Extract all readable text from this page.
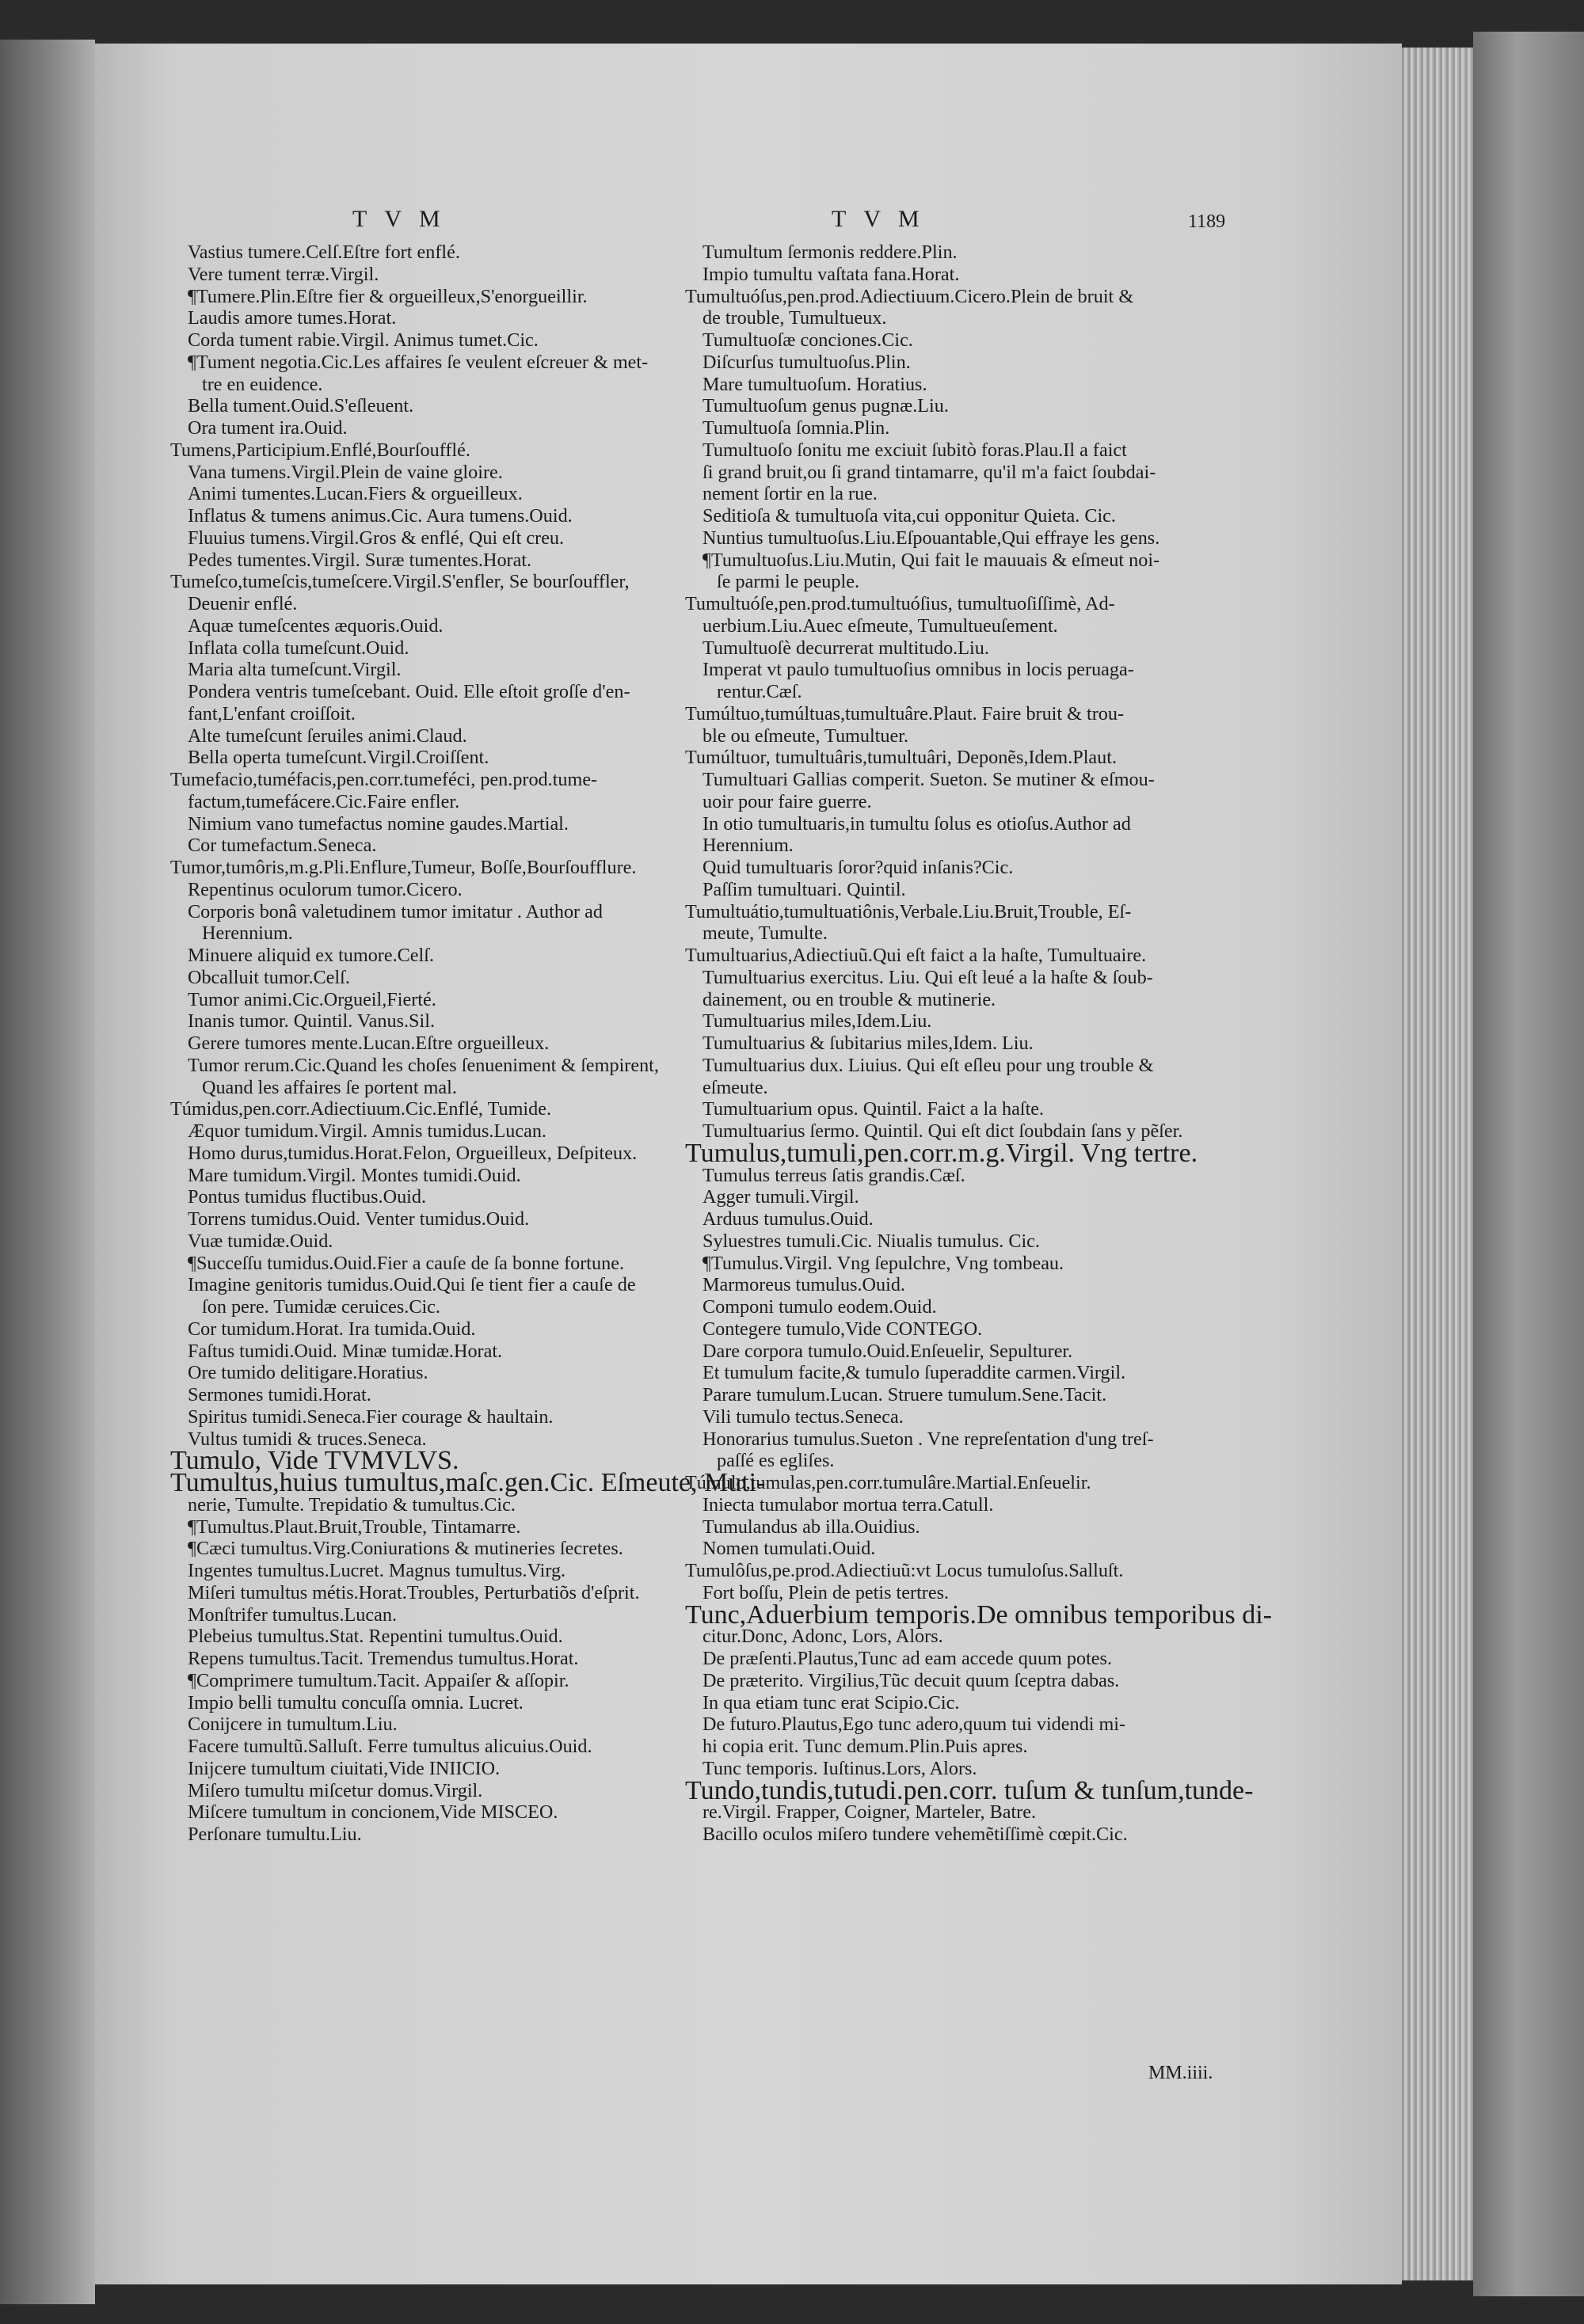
TVM	TVM	1189
Vastius tumere.Celſ.Eſtre fort enflé.
Vere tument terræ.Virgil.
¶Tumere.Plin.Eſtre fier & orgueilleux,S'enorgueillir.
Laudis amore tumes.Horat.
Corda tument rabie.Virgil. Animus tumet.Cic.
¶Tument negotia.Cic.Les affaires ſe veulent eſcreuer & met-
tre en euidence.
Bella tument.Ouid.S'eſleuent.
Ora tument ira.Ouid.
Tumens,Participium.Enflé,Bourſoufflé.
Vana tumens.Virgil.Plein de vaine gloire.
Animi tumentes.Lucan.Fiers & orgueilleux.
Inflatus & tumens animus.Cic. Aura tumens.Ouid.
Fluuius tumens.Virgil.Gros & enflé, Qui eſt creu.
Pedes tumentes.Virgil. Suræ tumentes.Horat.
Tumeſco,tumeſcis,tumeſcere.Virgil.S'enfler, Se bourſouffler,
Deuenir enflé.
Aquæ tumeſcentes æquoris.Ouid.
Inflata colla tumeſcunt.Ouid.
Maria alta tumeſcunt.Virgil.
Pondera ventris tumeſcebant. Ouid. Elle eſtoit groſſe d'en-
fant,L'enfant croiſſoit.
Alte tumeſcunt ſeruiles animi.Claud.
Bella operta tumeſcunt.Virgil.Croiſſent.
Tumefacio,tuméfacis,pen.corr.tumeféci, pen.prod.tume-
factum,tumefácere.Cic.Faire enfler.
Nimium vano tumefactus nomine gaudes.Martial.
Cor tumefactum.Seneca.
Tumor,tumôris,m.g.Pli.Enflure,Tumeur, Boſſe,Bourſoufflure.
Repentinus oculorum tumor.Cicero.
Corporis bonâ valetudinem tumor imitatur . Author ad
Herennium.
Minuere aliquid ex tumore.Celſ.
Obcalluit tumor.Celſ.
Tumor animi.Cic.Orgueil,Fierté.
Inanis tumor. Quintil. Vanus.Sil.
Gerere tumores mente.Lucan.Eſtre orgueilleux.
Tumor rerum.Cic.Quand les choſes ſenueniment & ſempirent,
Quand les affaires ſe portent mal.
Túmidus,pen.corr.Adiectiuum.Cic.Enflé, Tumide.
Æquor tumidum.Virgil. Amnis tumidus.Lucan.
Homo durus,tumidus.Horat.Felon, Orgueilleux, Deſpiteux.
Mare tumidum.Virgil. Montes tumidi.Ouid.
Pontus tumidus fluctibus.Ouid.
Torrens tumidus.Ouid. Venter tumidus.Ouid.
Vuæ tumidæ.Ouid.
¶Succeſſu tumidus.Ouid.Fier a cauſe de ſa bonne fortune.
Imagine genitoris tumidus.Ouid.Qui ſe tient fier a cauſe de
ſon pere. Tumidæ ceruices.Cic.
Cor tumidum.Horat. Ira tumida.Ouid.
Faſtus tumidi.Ouid. Minæ tumidæ.Horat.
Ore tumido delitigare.Horatius.
Sermones tumidi.Horat.
Spiritus tumidi.Seneca.Fier courage & haultain.
Vultus tumidi & truces.Seneca.
Tumulo, Vide TVMVLVS.
Tumultus,huius tumultus,maſc.gen.Cic. Eſmeute, Muti-
nerie, Tumulte. Trepidatio & tumultus.Cic.
¶Tumultus.Plaut.Bruit,Trouble, Tintamarre.
¶Cæci tumultus.Virg.Coniurations & mutineries ſecretes.
Ingentes tumultus.Lucret. Magnus tumultus.Virg.
Miſeri tumultus métis.Horat.Troubles, Perturbatiõs d'eſprit.
Monſtrifer tumultus.Lucan.
Plebeius tumultus.Stat. Repentini tumultus.Ouid.
Repens tumultus.Tacit. Tremendus tumultus.Horat.
¶Comprimere tumultum.Tacit. Appaiſer & aſſopir.
Impio belli tumultu concuſſa omnia. Lucret.
Conijcere in tumultum.Liu.
Facere tumultũ.Salluſt. Ferre tumultus alicuius.Ouid.
Inijcere tumultum ciuitati,Vide INIICIO.
Miſero tumultu miſcetur domus.Virgil.
Miſcere tumultum in concionem,Vide MISCEO.
Perſonare tumultu.Liu.
Tumultum ſermonis reddere.Plin.
Impio tumultu vaſtata fana.Horat.
Tumultuóſus,pen.prod.Adiectiuum.Cicero.Plein de bruit &
de trouble, Tumultueux.
Tumultuoſæ conciones.Cic.
Diſcurſus tumultuoſus.Plin.
Mare tumultuoſum. Horatius.
Tumultuoſum genus pugnæ.Liu.
Tumultuoſa ſomnia.Plin.
Tumultuoſo ſonitu me exciuit ſubitò foras.Plau.Il a faict
ſi grand bruit,ou ſi grand tintamarre, qu'il m'a faict ſoubdai-
nement ſortir en la rue.
Seditioſa & tumultuoſa vita,cui opponitur Quieta. Cic.
Nuntius tumultuoſus.Liu.Eſpouantable,Qui effraye les gens.
¶Tumultuoſus.Liu.Mutin, Qui fait le mauuais & eſmeut noi-
ſe parmi le peuple.
Tumultuóſe,pen.prod.tumultuóſius, tumultuoſiſſimè, Ad-
uerbium.Liu.Auec eſmeute, Tumultueuſement.
Tumultuoſè decurrerat multitudo.Liu.
Imperat vt paulo tumultuoſius omnibus in locis peruaga-
rentur.Cæſ.
Tumúltuo,tumúltuas,tumultuâre.Plaut. Faire bruit & trou-
ble ou eſmeute, Tumultuer.
Tumúltuor, tumultuâris,tumultuâri, Deponẽs,Idem.Plaut.
Tumultuari Gallias comperit. Sueton. Se mutiner & eſmou-
uoir pour faire guerre.
In otio tumultuaris,in tumultu ſolus es otioſus.Author ad
Herennium.
Quid tumultuaris ſoror?quid inſanis?Cic.
Paſſim tumultuari. Quintil.
Tumultuátio,tumultuatiônis,Verbale.Liu.Bruit,Trouble, Eſ-
meute, Tumulte.
Tumultuarius,Adiectiuũ.Qui eſt faict a la haſte, Tumultuaire.
Tumultuarius exercitus. Liu. Qui eſt leué a la haſte & ſoub-
dainement, ou en trouble & mutinerie.
Tumultuarius miles,Idem.Liu.
Tumultuarius & ſubitarius miles,Idem. Liu.
Tumultuarius dux. Liuius. Qui eſt eſleu pour ung trouble &
eſmeute.
Tumultuarium opus. Quintil. Faict a la haſte.
Tumultuarius ſermo. Quintil. Qui eſt dict ſoubdain ſans y pẽſer.
Tumulus,tumuli,pen.corr.m.g.Virgil. Vng tertre.
Tumulus terreus ſatis grandis.Cæſ.
Agger tumuli.Virgil.
Arduus tumulus.Ouid.
Syluestres tumuli.Cic. Niualis tumulus. Cic.
¶Tumulus.Virgil. Vng ſepulchre, Vng tombeau.
Marmoreus tumulus.Ouid.
Componi tumulo eodem.Ouid.
Contegere tumulo,Vide CONTEGO.
Dare corpora tumulo.Ouid.Enſeuelir, Sepulturer.
Et tumulum facite,& tumulo ſuperaddite carmen.Virgil.
Parare tumulum.Lucan. Struere tumulum.Sene.Tacit.
Vili tumulo tectus.Seneca.
Honorarius tumulus.Sueton . Vne repreſentation d'ung treſ-
paſſé es egliſes.
Túmulo,tumulas,pen.corr.tumulâre.Martial.Enſeuelir.
Iniecta tumulabor mortua terra.Catull.
Tumulandus ab illa.Ouidius.
Nomen tumulati.Ouid.
Tumulôſus,pe.prod.Adiectiuũ:vt Locus tumuloſus.Salluſt.
Fort boſſu, Plein de petis tertres.
Tunc,Aduerbium temporis.De omnibus temporibus di-
citur.Donc, Adonc, Lors, Alors.
De præſenti.Plautus,Tunc ad eam accede quum potes.
De præterito. Virgilius,Tũc decuit quum ſceptra dabas.
In qua etiam tunc erat Scipio.Cic.
De futuro.Plautus,Ego tunc adero,quum tui videndi mi-
hi copia erit. Tunc demum.Plin.Puis apres.
Tunc temporis. Iuſtinus.Lors, Alors.
Tundo,tundis,tutudi.pen.corr. tuſum & tunſum,tunde-
re.Virgil. Frapper, Coigner, Marteler, Batre.
Bacillo oculos miſero tundere vehemẽtiſſimè cœpit.Cic.
MM.iiii.
